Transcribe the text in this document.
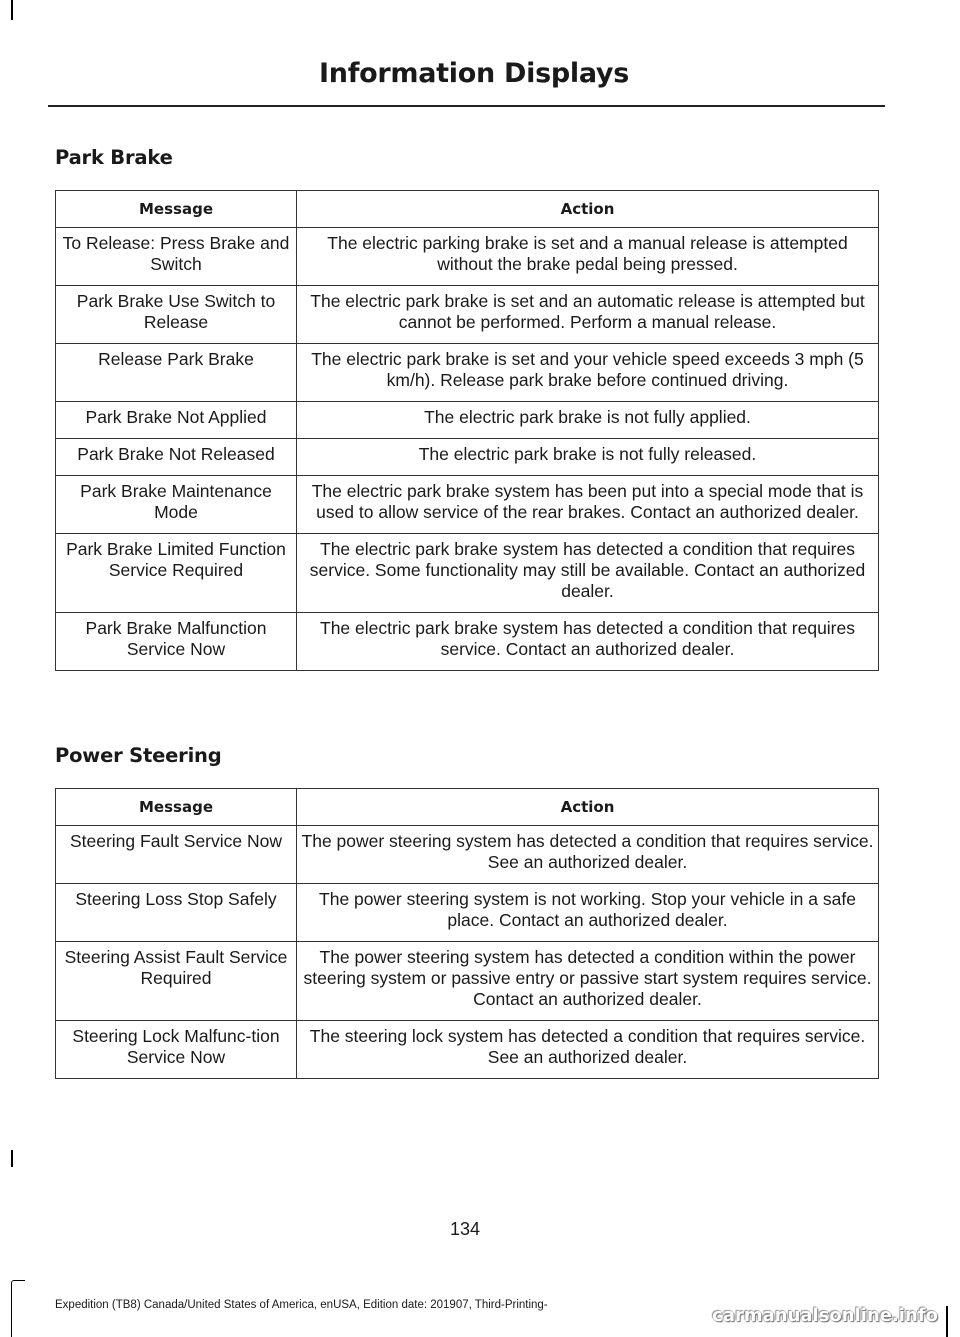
Information Displays
Park Brake
Message	Action
To Release: Press Brake and Switch	The electric parking brake is set and a manual release is attempted without the brake pedal being pressed.
Park Brake Use Switch to Release	The electric park brake is set and an automatic release is attempted but cannot be performed. Perform a manual release.
Release Park Brake	The electric park brake is set and your vehicle speed exceeds 3 mph (5 km/h). Release park brake before continued driving.
Park Brake Not Applied	The electric park brake is not fully applied.
Park Brake Not Released	The electric park brake is not fully released.
Park Brake Maintenance Mode	The electric park brake system has been put into a special mode that is used to allow service of the rear brakes. Contact an authorized dealer.
Park Brake Limited Function Service Required	The electric park brake system has detected a condition that requires service. Some functionality may still be available. Contact an authorized dealer.
Park Brake Malfunction Service Now	The electric park brake system has detected a condition that requires service. Contact an authorized dealer.
Power Steering
Message	Action
Steering Fault Service Now	The power steering system has detected a condition that requires service. See an authorized dealer.
Steering Loss Stop Safely	The power steering system is not working. Stop your vehicle in a safe place. Contact an authorized dealer.
Steering Assist Fault Service Required	The power steering system has detected a condition within the power steering system or passive entry or passive start system requires service. Contact an authorized dealer.
Steering Lock Malfunc-tion Service Now	The steering lock system has detected a condition that requires service. See an authorized dealer.
134
Expedition (TB8) Canada/United States of America, enUSA, Edition date: 201907, Third-Printing-	carmanualsonline.info
